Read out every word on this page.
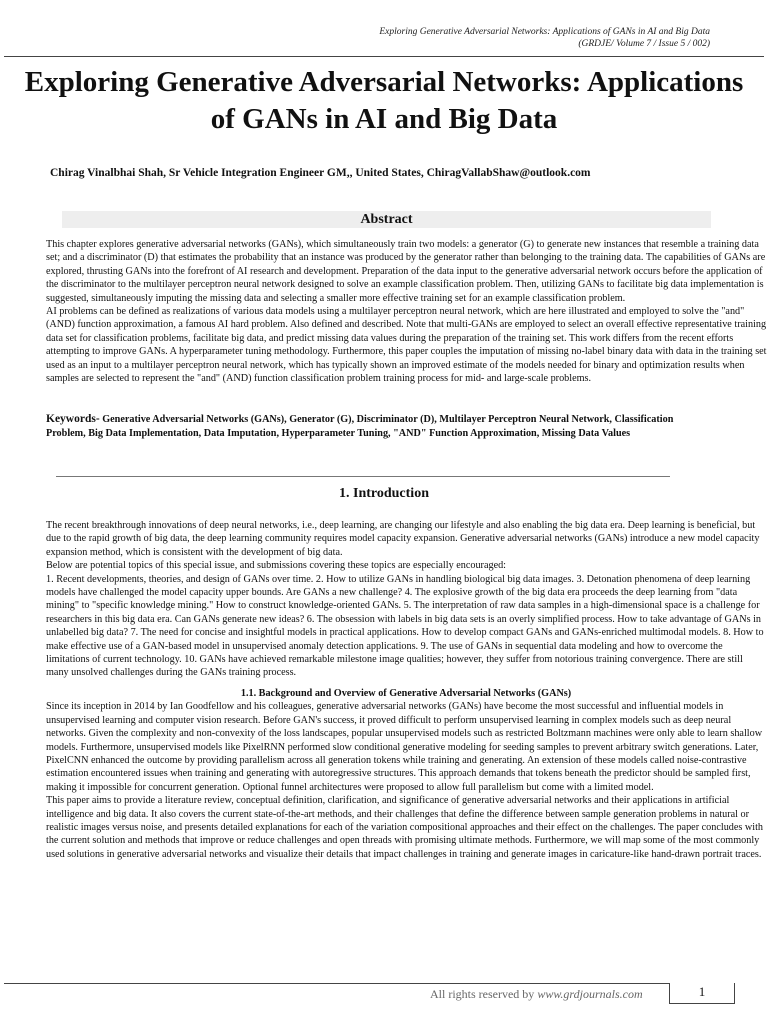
Exploring Generative Adversarial Networks: Applications of GANs in AI and Big Data
(GRDJE/ Volume 7 / Issue 5 / 002)
Exploring Generative Adversarial Networks: Applications
of GANs in AI and Big Data
Chirag Vinalbhai Shah, Sr Vehicle Integration Engineer GM,, United States, ChiragVallabShaw@outlook.com
Abstract

This chapter explores generative adversarial networks (GANs), which simultaneously train two models: a generator (G) to generate new instances that resemble a training data set; and a discriminator (D) that estimates the probability that an instance was produced by the generator rather than belonging to the training data. The capabilities of GANs are explored, thrusting GANs into the forefront of AI research and development. Preparation of the data input to the generative adversarial network occurs before the application of the discriminator to the multilayer perceptron neural network designed to solve an example classification problem. Then, utilizing GANs to facilitate big data implementation is suggested, simultaneously imputing the missing data and selecting a smaller more effective training set for an example classification problem.

AI problems can be defined as realizations of various data models using a multilayer perceptron neural network, which are here illustrated and employed to solve the "and" (AND) function approximation, a famous AI hard problem. Also defined and described. Note that multi-GANs are employed to select an overall effective representative training data set for classification problems, facilitate big data, and predict missing data values during the preparation of the training set. This work differs from the recent efforts attempting to improve GANs. A hyperparameter tuning methodology. Furthermore, this paper couples the imputation of missing no-label binary data with data in the training set used as an input to a multilayer perceptron neural network, which has typically shown an improved estimate of the models needed for binary and optimization results when samples are selected to represent the "and" (AND) function classification problem training process for mid- and large-scale problems.

Keywords- Generative Adversarial Networks (GANs), Generator (G), Discriminator (D), Multilayer Perceptron Neural Network, Classification Problem, Big Data Implementation, Data Imputation, Hyperparameter Tuning, "AND" Function Approximation, Missing Data Values
1. Introduction

The recent breakthrough innovations of deep neural networks, i.e., deep learning, are changing our lifestyle and also enabling the big data era. Deep learning is beneficial, but due to the rapid growth of big data, the deep learning community requires model capacity expansion. Generative adversarial networks (GANs) introduce a new model capacity expansion method, which is consistent with the development of big data.

Below are potential topics of this special issue, and submissions covering these topics are especially encouraged:

1. Recent developments, theories, and design of GANs over time. 2. How to utilize GANs in handling biological big data images. 3. Detonation phenomena of deep learning models have challenged the model capacity upper bounds. Are GANs a new challenge? 4. The explosive growth of the big data era proceeds the deep learning from "data mining" to "specific knowledge mining." How to construct knowledge-oriented GANs. 5. The interpretation of raw data samples in a high-dimensional space is a challenge for researchers in this big data era. Can GANs generate new ideas? 6. The obsession with labels in big data sets is an overly simplified process. How to take advantage of GANs in unlabelled big data? 7. The need for concise and insightful models in practical applications. How to develop compact GANs and GANs-enriched multimodal models. 8. How to make effective use of a GAN-based model in unsupervised anomaly detection applications. 9. The use of GANs in sequential data modeling and how to overcome the limitations of current technology. 10. GANs have achieved remarkable milestone image qualities; however, they suffer from notorious training convergence. There are still many unsolved challenges during the GANs training process.

1.1. Background and Overview of Generative Adversarial Networks (GANs)

Since its inception in 2014 by Ian Goodfellow and his colleagues, generative adversarial networks (GANs) have become the most successful and influential models in unsupervised learning and computer vision research. Before GAN's success, it proved difficult to perform unsupervised learning in complex models such as deep neural networks. Given the complexity and non-convexity of the loss landscapes, popular unsupervised models such as restricted Boltzmann machines were only able to learn shallow models. Furthermore, unsupervised models like PixelRNN performed slow conditional generative modeling for seeding samples to prevent arbitrary switch generations. Later, PixelCNN enhanced the outcome by providing parallelism across all generation tokens while training and generating. An extension of these models called noise-contrastive estimation encountered issues when training and generating with autoregressive structures. This approach demands that tokens beneath the predictor should be sampled first, making it impossible for concurrent generation. Optional funnel architectures were proposed to allow full parallelism but come with a limited model.

This paper aims to provide a literature review, conceptual definition, clarification, and significance of generative adversarial networks and their applications in artificial intelligence and big data. It also covers the current state-of-the-art methods, and their challenges that define the difference between sample generation problems in natural or realistic images versus noise, and presents detailed explanations for each of the variation compositional approaches and their effect on the challenges. The paper concludes with the current solution and methods that improve or reduce challenges and open threads with promising ultimate methods. Furthermore, we will map some of the most commonly used solutions in generative adversarial networks and visualize their details that impact challenges in training and generate images in caricature-like hand-drawn portrait traces.

All rights reserved by www.grdjournals.com	1
